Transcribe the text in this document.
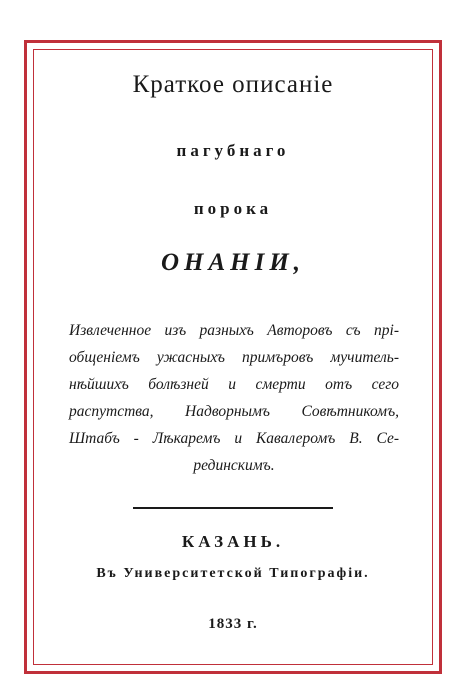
Краткое описаніе
пагубнаго
порока
ОНАНІИ,
Извлеченное изъ разныхъ Авторовъ съ пpі-
общеніемъ ужасныхъ примъровъ мучитель-
нѣйшихъ болѣзней и смерти отъ сего
распутства, Надворнымъ Совѣтникомъ,
Штабъ - Лѣкаремъ и Кавалеромъ В. Се-
рединскимъ.
КАЗАНЬ.
Въ Университетской Типографіи.
1833 г.
